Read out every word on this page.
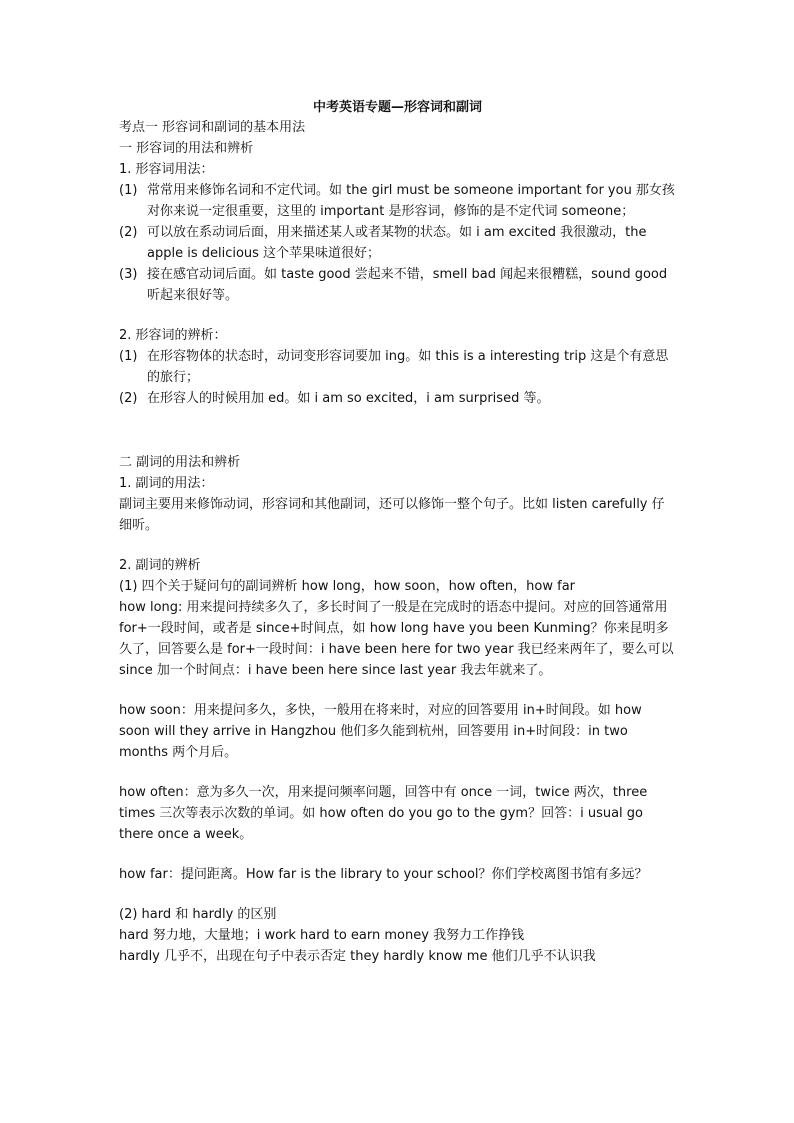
中考英语专题—形容词和副词

考点一 形容词和副词的基本用法

一 形容词的用法和辨析

1. 形容词用法：

(1) 常常用来修饰名词和不定代词。如 the girl must be someone important for you 那女孩对你来说一定很重要，这里的 important 是形容词，修饰的是不定代词 someone；
(2) 可以放在系动词后面，用来描述某人或者某物的状态。如 i am excited 我很激动，the apple is delicious 这个苹果味道很好；
(3) 接在感官动词后面。如 taste good 尝起来不错，smell bad 闻起来很糟糕，sound good 听起来很好等。

2. 形容词的辨析：

(1) 在形容物体的状态时，动词变形容词要加 ing。如 this is a interesting trip 这是个有意思的旅行；
(2) 在形容人的时候用加 ed。如 i am so excited，i am surprised 等。

二 副词的用法和辨析

1. 副词的用法：

副词主要用来修饰动词，形容词和其他副词，还可以修饰一整个句子。比如 listen carefully 仔细听。

2. 副词的辨析

(1) 四个关于疑问句的副词辨析 how long，how soon，how often，how far

how long: 用来提问持续多久了，多长时间了一般是在完成时的语态中提问。对应的回答通常用 for+一段时间，或者是 since+时间点，如 how long have you been Kunming？你来昆明多久了，回答要么是 for+一段时间：i have been here for two year 我已经来两年了，要么可以 since 加一个时间点：i have been here since last year 我去年就来了。

how soon：用来提问多久，多快，一般用在将来时，对应的回答要用 in+时间段。如 how soon will they arrive in Hangzhou 他们多久能到杭州，回答要用 in+时间段：in two months 两个月后。

how often：意为多久一次，用来提问频率问题，回答中有 once 一词，twice 两次，three times 三次等表示次数的单词。如 how often do you go to the gym？回答：i usual go there once a week。

how far：提问距离。How far is the library to your school？你们学校离图书馆有多远？

(2) hard 和 hardly 的区别

hard 努力地，大量地；i work hard to earn money 我努力工作挣钱

hardly 几乎不，出现在句子中表示否定 they hardly know me 他们几乎不认识我
